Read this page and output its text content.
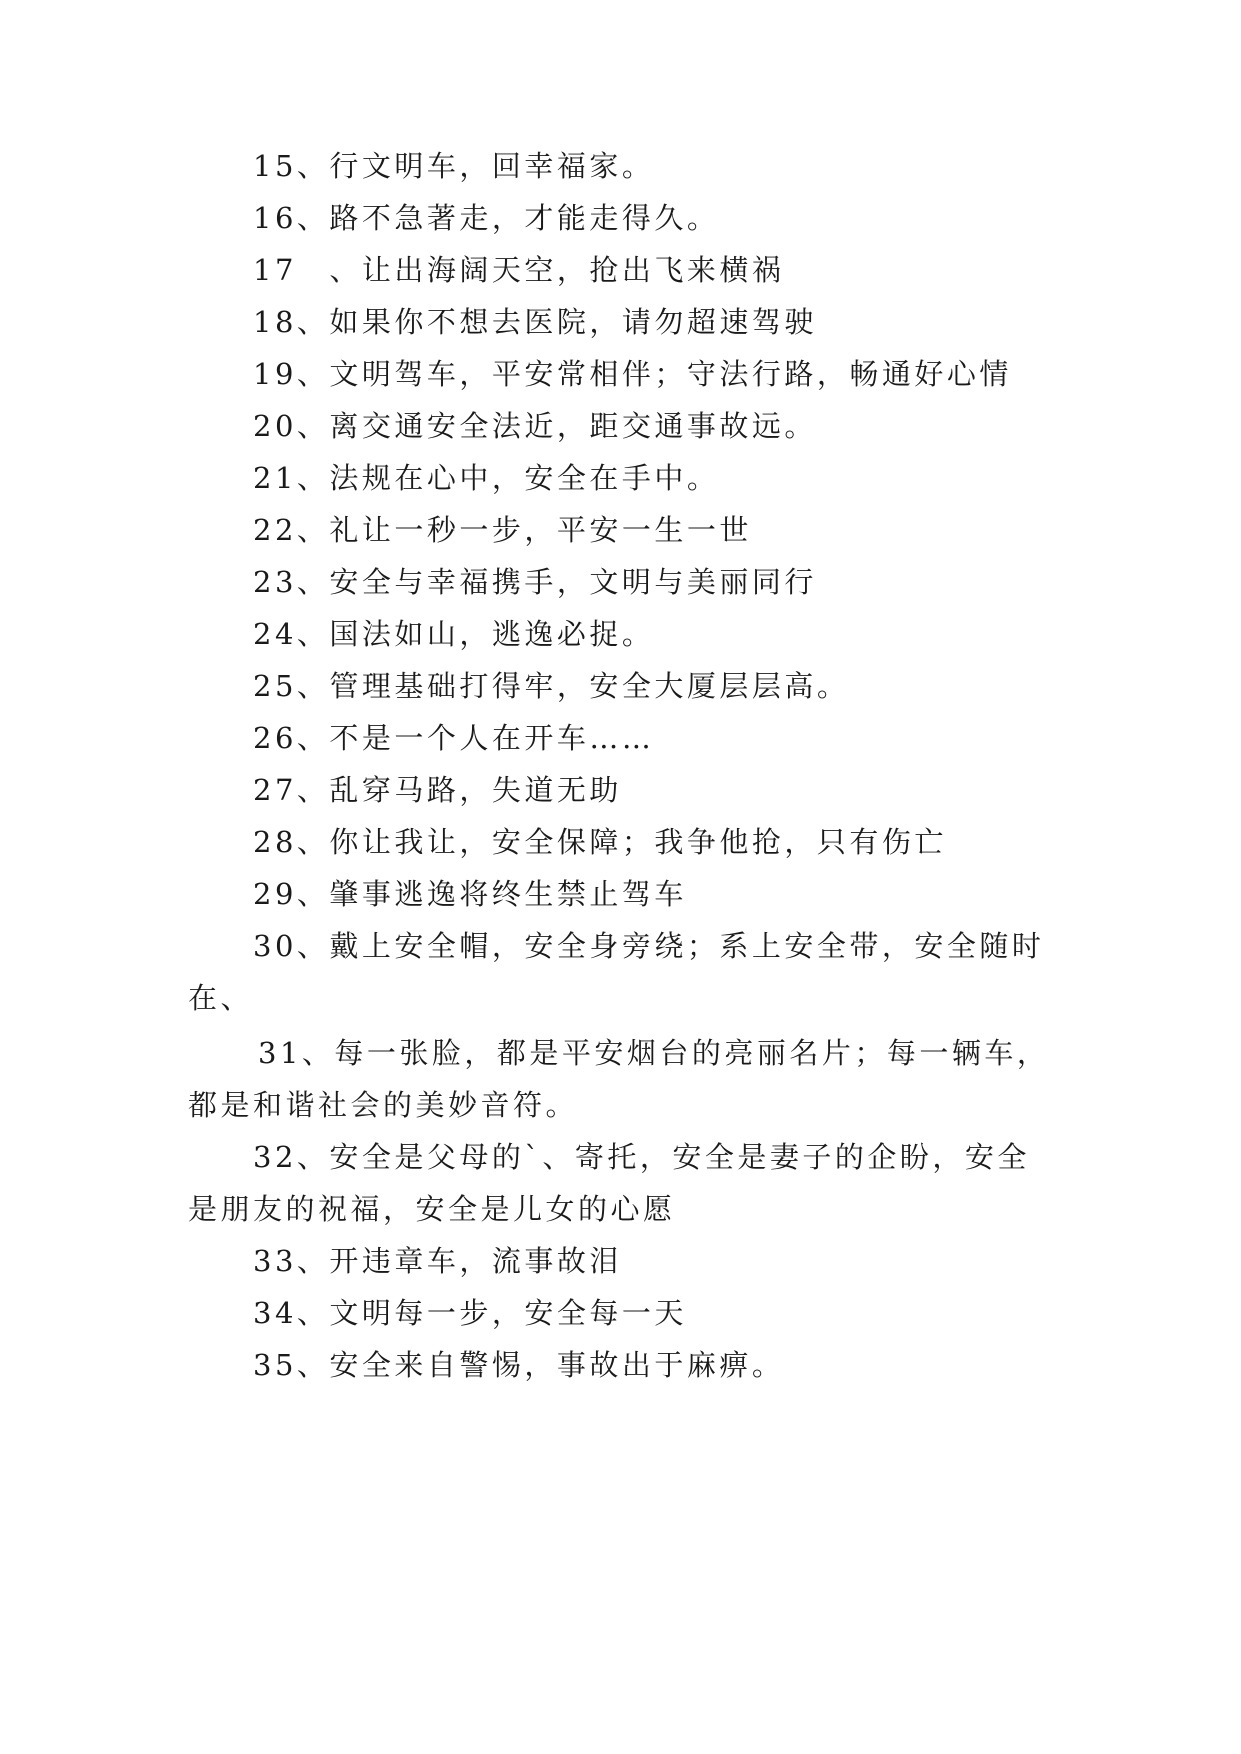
15、行文明车，回幸福家。
16、路不急著走，才能走得久。
17　、让出海阔天空，抢出飞来横祸
18、如果你不想去医院，请勿超速驾驶
19、文明驾车，平安常相伴；守法行路，畅通好心情
20、离交通安全法近，距交通事故远。
21、法规在心中，安全在手中。
22、礼让一秒一步，平安一生一世
23、安全与幸福携手，文明与美丽同行
24、国法如山，逃逸必捉。
25、管理基础打得牢，安全大厦层层高。
26、不是一个人在开车……
27、乱穿马路，失道无助
28、你让我让，安全保障；我争他抢，只有伤亡
29、肇事逃逸将终生禁止驾车
30、戴上安全帽，安全身旁绕；系上安全带，安全随时
在、
31、每一张脸，都是平安烟台的亮丽名片；每一辆车，
都是和谐社会的美妙音符。
32、安全是父母的`、寄托，安全是妻子的企盼，安全
是朋友的祝福，安全是儿女的心愿
33、开违章车，流事故泪
34、文明每一步，安全每一天
35、安全来自警惕，事故出于麻痹。
